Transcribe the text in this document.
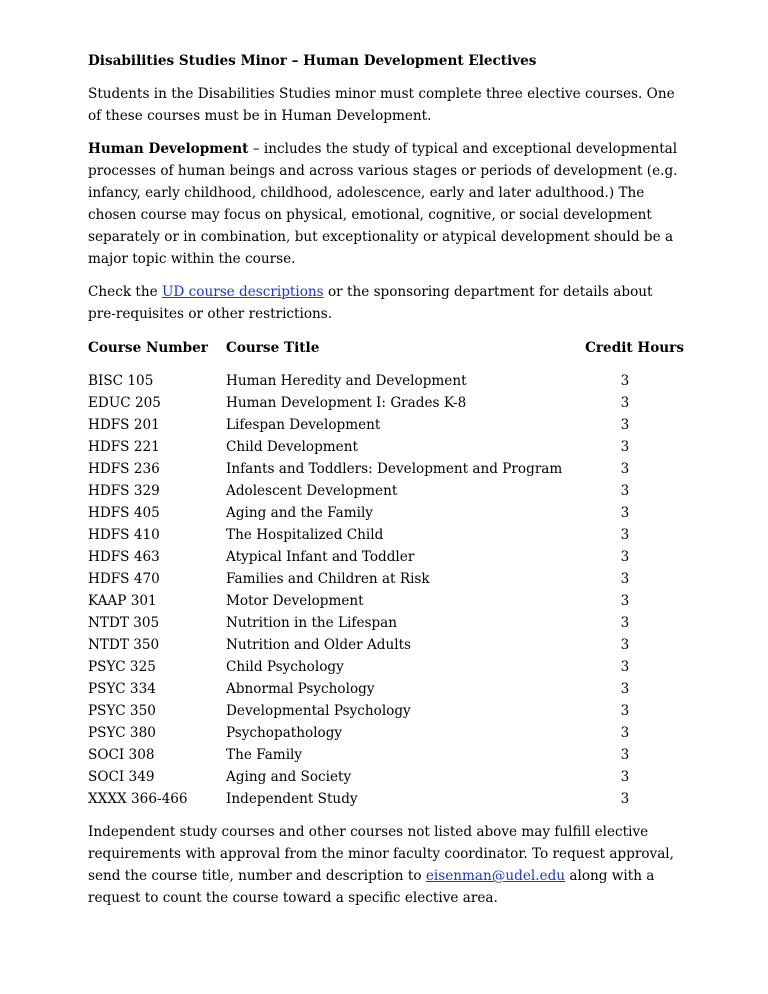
Disabilities Studies Minor – Human Development Electives

Students in the Disabilities Studies minor must complete three elective courses. One of these courses must be in Human Development.

Human Development – includes the study of typical and exceptional developmental processes of human beings and across various stages or periods of development (e.g. infancy, early childhood, childhood, adolescence, early and later adulthood.) The chosen course may focus on physical, emotional, cognitive, or social development separately or in combination, but exceptionality or atypical development should be a major topic within the course.

Check the UD course descriptions or the sponsoring department for details about pre-requisites or other restrictions.

Course Number	Course Title	Credit Hours
BISC 105	Human Heredity and Development	3
EDUC 205	Human Development I: Grades K-8	3
HDFS 201	Lifespan Development	3
HDFS 221	Child Development	3
HDFS 236	Infants and Toddlers: Development and Program	3
HDFS 329	Adolescent Development	3
HDFS 405	Aging and the Family	3
HDFS 410	The Hospitalized Child	3
HDFS 463	Atypical Infant and Toddler	3
HDFS 470	Families and Children at Risk	3
KAAP 301	Motor Development	3
NTDT 305	Nutrition in the Lifespan	3
NTDT 350	Nutrition and Older Adults	3
PSYC 325	Child Psychology	3
PSYC 334	Abnormal Psychology	3
PSYC 350	Developmental Psychology	3
PSYC 380	Psychopathology	3
SOCI 308	The Family	3
SOCI 349	Aging and Society	3
XXXX 366-466	Independent Study	3

Independent study courses and other courses not listed above may fulfill elective requirements with approval from the minor faculty coordinator. To request approval, send the course title, number and description to eisenman@udel.edu along with a request to count the course toward a specific elective area.
